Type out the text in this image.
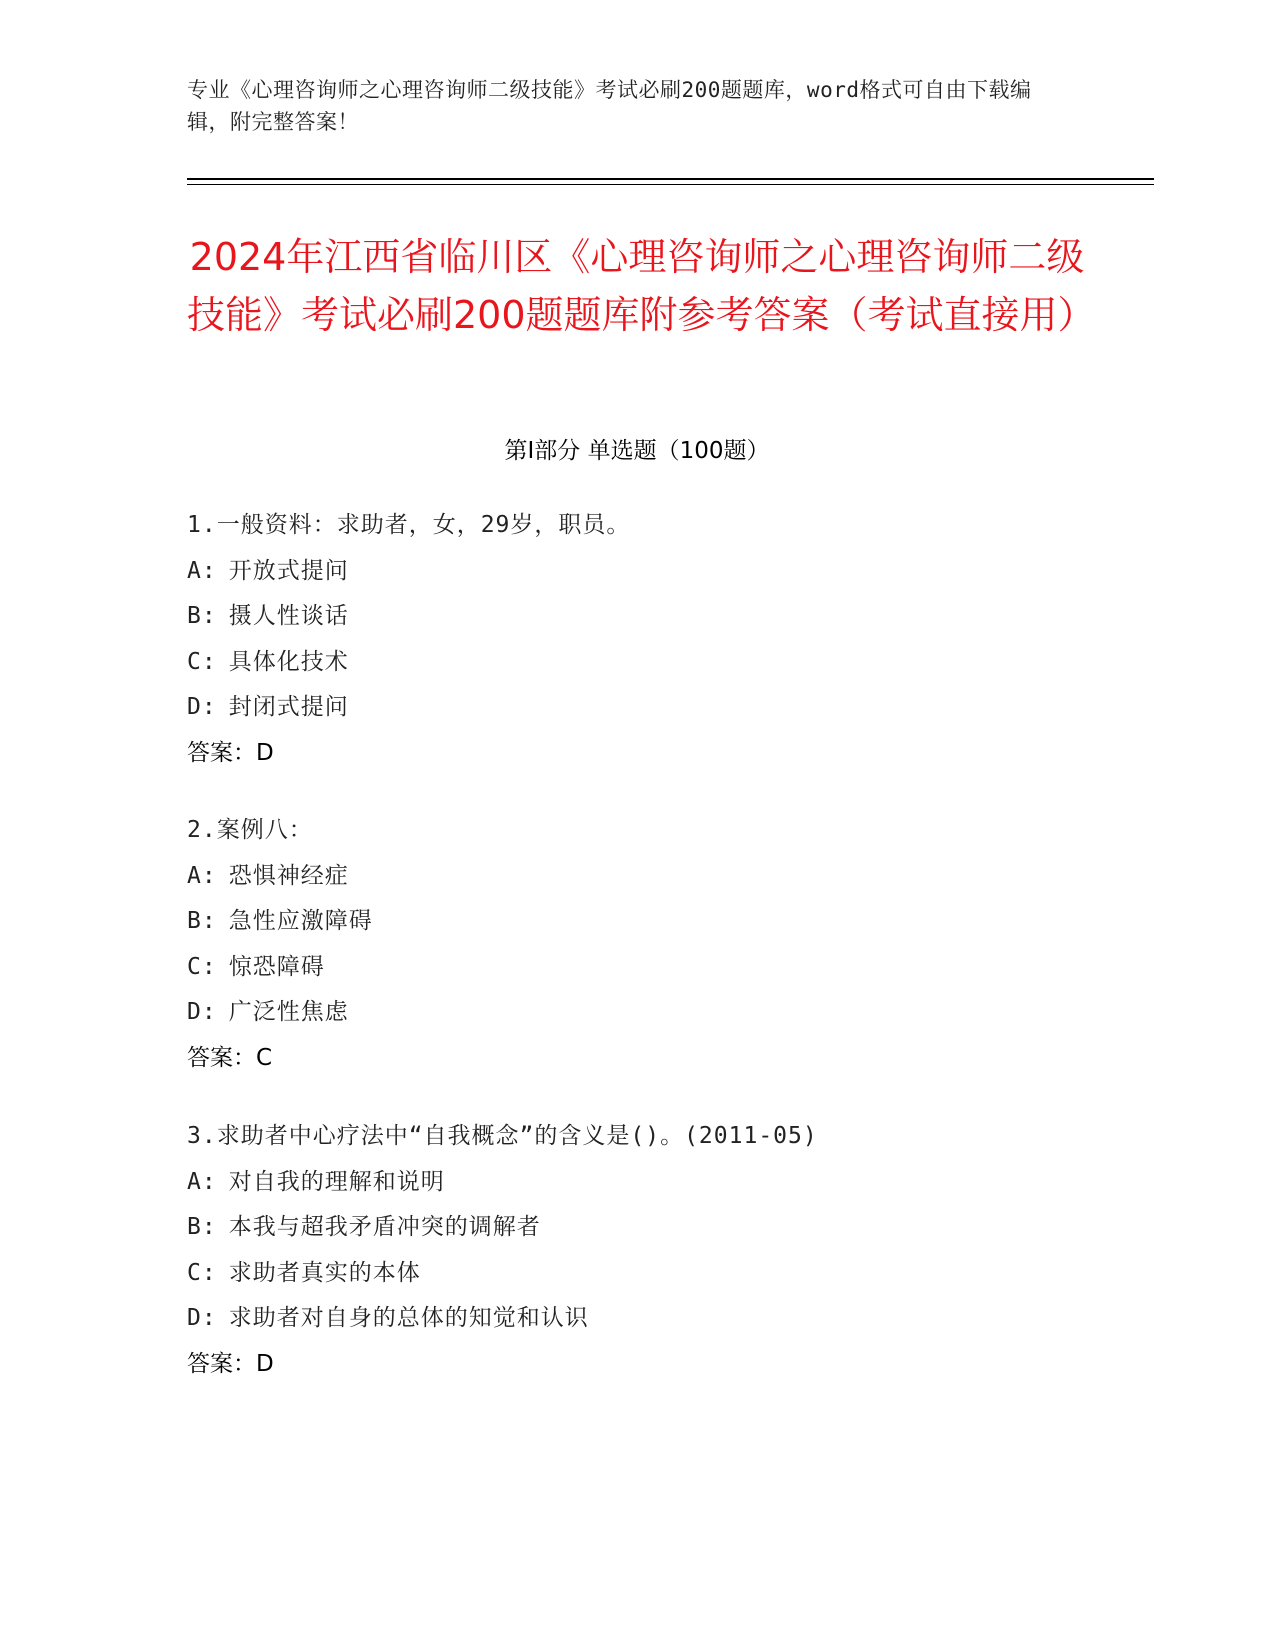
专业《心理咨询师之心理咨询师二级技能》考试必刷200题题库，word格式可自由下载编辑，附完整答案！
2024年江西省临川区《心理咨询师之心理咨询师二级技能》考试必刷200题题库附参考答案（考试直接用）
第I部分 单选题（100题）
1.一般资料：求助者，女，29岁，职员。
A: 开放式提问
B: 摄人性谈话
C: 具体化技术
D: 封闭式提问
答案：D
2.案例八：
A: 恐惧神经症
B: 急性应激障碍
C: 惊恐障碍
D: 广泛性焦虑
答案：C
3.求助者中心疗法中“自我概念”的含义是()。(2011-05)
A: 对自我的理解和说明
B: 本我与超我矛盾冲突的调解者
C: 求助者真实的本体
D: 求助者对自身的总体的知觉和认识
答案：D
